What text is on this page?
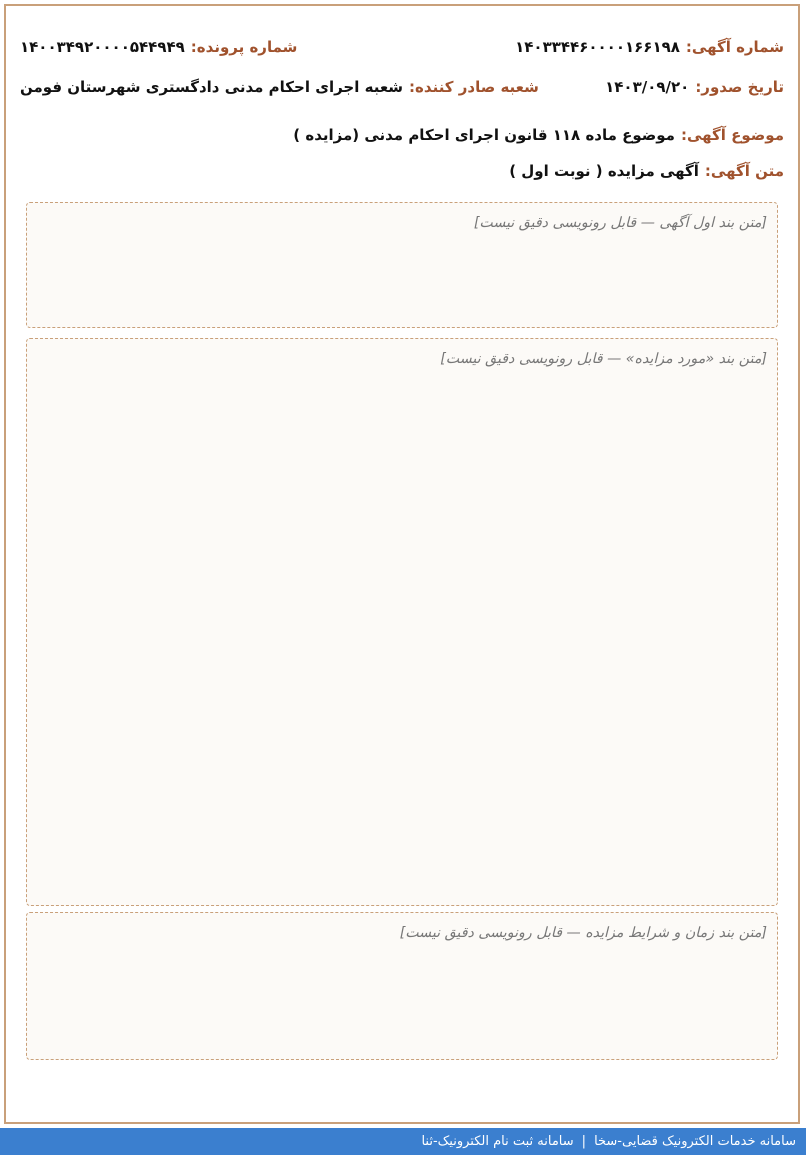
شماره آگهی:
۱۴۰۳۳۴۴۶۰۰۰۰۱۶۶۱۹۸
شماره پرونده:
۱۴۰۰۳۴۹۲۰۰۰۰۵۴۴۹۴۹
تاریخ صدور:
۱۴۰۳/۰۹/۲۰
شعبه صادر کننده:
شعبه اجرای احکام مدنی دادگستری شهرستان فومن
موضوع آگهی:
موضوع ماده ۱۱۸ قانون اجرای احکام مدنی (مزایده )
متن آگهی:
آگهی مزایده ( نوبت اول )
[متن بند اول آگهی — قابل رونویسی دقیق نیست]
[متن بند «مورد مزایده» — قابل رونویسی دقیق نیست]
[متن بند زمان و شرایط مزایده — قابل رونویسی دقیق نیست]
سامانه خدمات الکترونیک قضایی-سخا
|
سامانه ثبت نام الکترونیک-ثنا
